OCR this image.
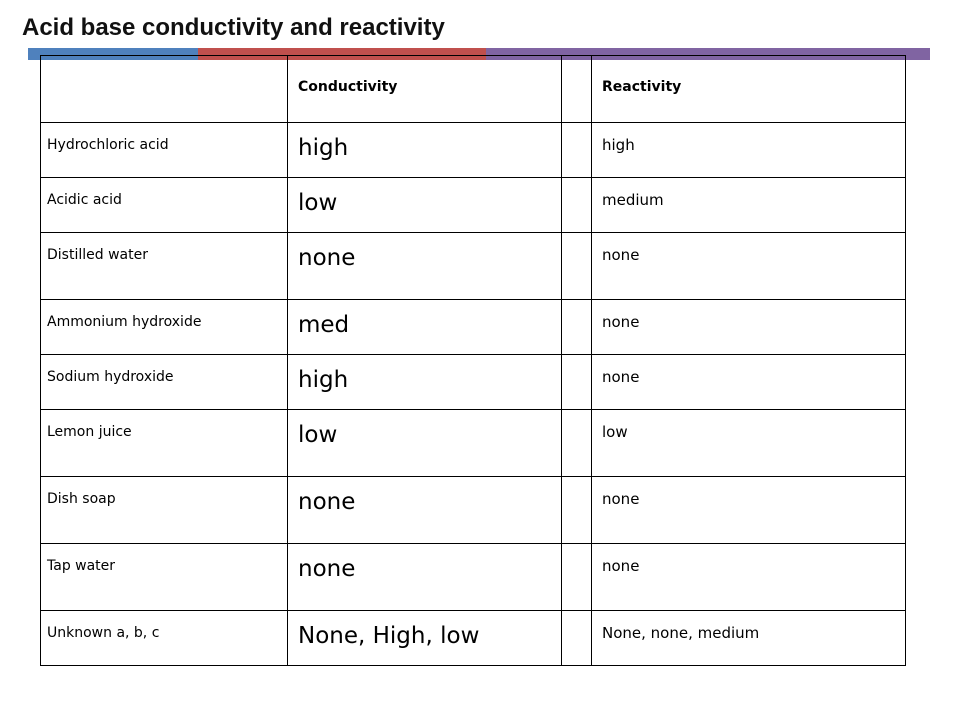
Acid base conductivity and reactivity
	Conductivity		Reactivity
Hydrochloric acid	high		high
Acidic acid	low		medium
Distilled water	none		none
Ammonium hydroxide	med		none
Sodium hydroxide	high		none
Lemon juice	low		low
Dish soap	none		none
Tap water	none		none
Unknown a, b, c	None, High, low		None, none, medium
